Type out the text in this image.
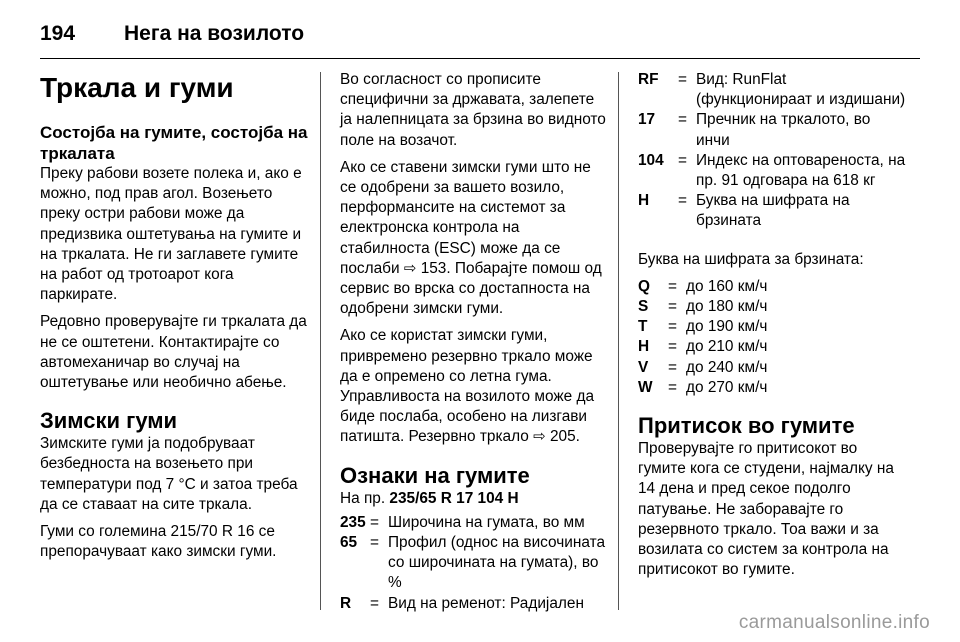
194 Нега на возилото
Тркала и гуми
Состојба на гумите, состојба на тркалата

Преку рабови возете полека и, ако е можно, под прав агол. Возењето преку остри рабови може да предизвика оштетувања на гумите и на тркалата. Не ги заглавете гумите на работ од тротоарот кога паркирате.

Редовно проверувајте ги тркалата да не се оштетени. Контактирајте со автомеханичар во случај на оштетување или необично абење.

Зимски гуми

Зимските гуми ја подобруваат безбедноста на возењето при температури под 7 °C и затоа треба да се ставаат на сите тркала.

Гуми со големина 215/70 R 16 се препорачуваат како зимски гуми.

Во согласност со прописите специфични за државата, залепете ја налепницата за брзина во видното поле на возачот.

Ако се ставени зимски гуми што не се одобрени за вашето возило, перформансите на системот за електронска контрола на стабилноста (ESC) може да се послаби ⇨ 153. Побарајте помош од сервис во врска со достапноста на одобрени зимски гуми.

Ако се користат зимски гуми, привремено резервно тркало може да е опремено со летна гума. Управливоста на возилото може да биде послаба, особено на лизгави патишта. Резервно тркало ⇨ 205.

Ознаки на гумите
На пр. 235/65 R 17 104 H
235 = Широчина на гумата, во мм
65 = Профил (однос на височината со широчината на гумата), во %
R	= Вид на ременот: Радијален
RF	= Вид: RunFlat (функционираат и издишани)
17	= Пречник на тркалото, во инчи
104 = Индекс на оптовареноста, на пр. 91 одговара на 618 кг
H	= Буква на шифрата на брзината

Буква на шифрата за брзината:

Q	= до 160 км/ч
S	= до 180 км/ч
T	= до 190 км/ч
H	= до 210 км/ч
V	= до 240 км/ч
W	= до 270 км/ч
Притисок во гумите

Проверувајте го притисокот во гумите кога се студени, најмалку на 14 дена и пред секое подолго патување. Не заборавајте го резервното тркало. Тоа важи и за возилата со систем за контрола на притисокот во гумите.

carmanualsonline.info
